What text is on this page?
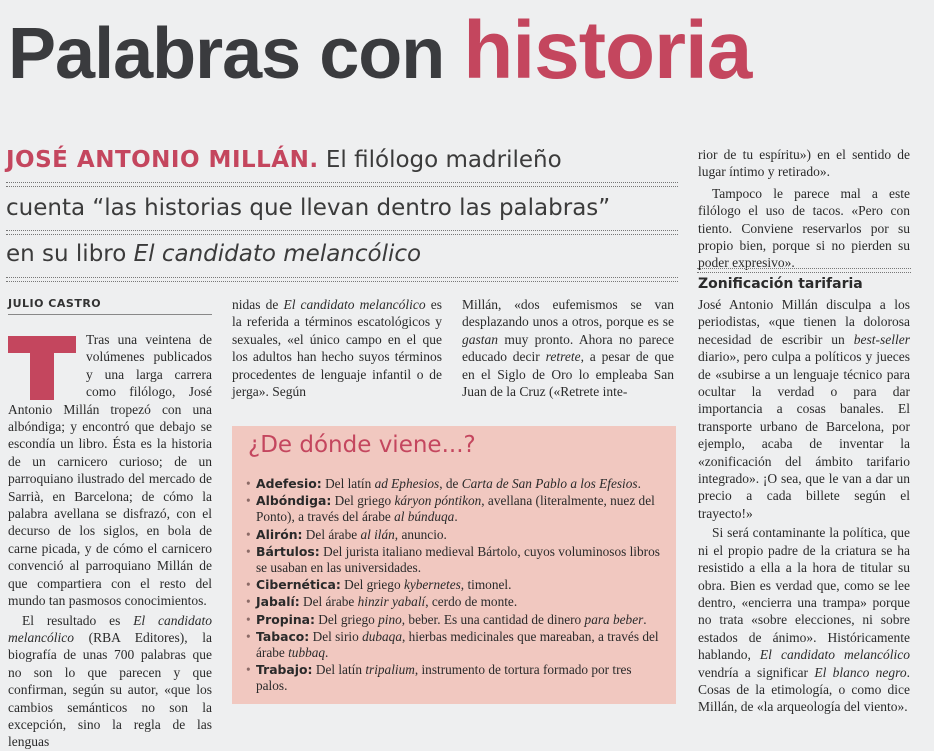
Palabras con historia
JOSÉ ANTONIO MILLÁN. El filólogo madrileño
cuenta “las historias que llevan dentro las palabras”
en su libro El candidato melancólico
JULIO CASTRO

Tras una veintena de volúmenes publicados y una larga carrera como filólogo, José Antonio Millán tropezó con una albóndiga; y encontró que debajo se escondía un libro. Ésta es la historia de un carnicero curioso; de un parroquiano ilustrado del mercado de Sarrià, en Barcelona; de cómo la palabra avellana se disfrazó, con el decurso de los siglos, en bola de carne picada, y de cómo el carnicero convenció al parroquiano Millán de que compartiera con el resto del mundo tan pasmosos conocimientos.

El resultado es El candidato melancólico (RBA Editores), la biografía de unas 700 palabras que no son lo que parecen y que confirman, según su autor, «que los cambios semánticos no son la excepción, sino la regla de las lenguas

nidas de El candidato melancólico es la referida a términos escatológicos y sexuales, «el único campo en el que los adultos han hecho suyos términos procedentes de lenguaje infantil o de jerga». Según

Millán, «dos eufemismos se van desplazando unos a otros, porque es se gastan muy pronto. Ahora no parece educado decir retrete, a pesar de que en el Siglo de Oro lo empleaba San Juan de la Cruz («Retrete inte-

¿De dónde viene...?
• Adefesio: Del latín ad Ephesios, de Carta de San Pablo a los Efesios.
• Albóndiga: Del griego káryon póntikon, avellana (literalmente, nuez del Ponto), a través del árabe al búnduqa.
• Alirón: Del árabe al ilán, anuncio.
• Bártulos: Del jurista italiano medieval Bártolo, cuyos voluminosos libros se usaban en las universidades.
• Cibernética: Del griego kybernetes, timonel.
• Jabalí: Del árabe hinzir yabalí, cerdo de monte.
• Propina: Del griego pino, beber. Es una cantidad de dinero para beber.
• Tabaco: Del sirio dubaqa, hierbas medicinales que mareaban, a través del árabe tubbaq.
• Trabajo: Del latín tripalium, instrumento de tortura formado por tres palos.

rior de tu espíritu») en el sentido de lugar íntimo y retirado».

Tampoco le parece mal a este filólogo el uso de tacos. «Pero con tiento. Conviene reservarlos por su propio bien, porque si no pierden su poder expresivo».

Zonificación tarifaria

José Antonio Millán disculpa a los periodistas, «que tienen la dolorosa necesidad de escribir un best-seller diario», pero culpa a políticos y jueces de «subirse a un lenguaje técnico para ocultar la verdad o para dar importancia a cosas banales. El transporte urbano de Barcelona, por ejemplo, acaba de inventar la «zonificación del ámbito tarifario integrado». ¡O sea, que le van a dar un precio a cada billete según el trayecto!»

Si será contaminante la política, que ni el propio padre de la criatura se ha resistido a ella a la hora de titular su obra. Bien es verdad que, como se lee dentro, «encierra una trampa» porque no trata «sobre elecciones, ni sobre estados de ánimo». Históricamente hablando, El candidato melancólico vendría a significar El blanco negro. Cosas de la etimología, o como dice Millán, de «la arqueología del viento».
